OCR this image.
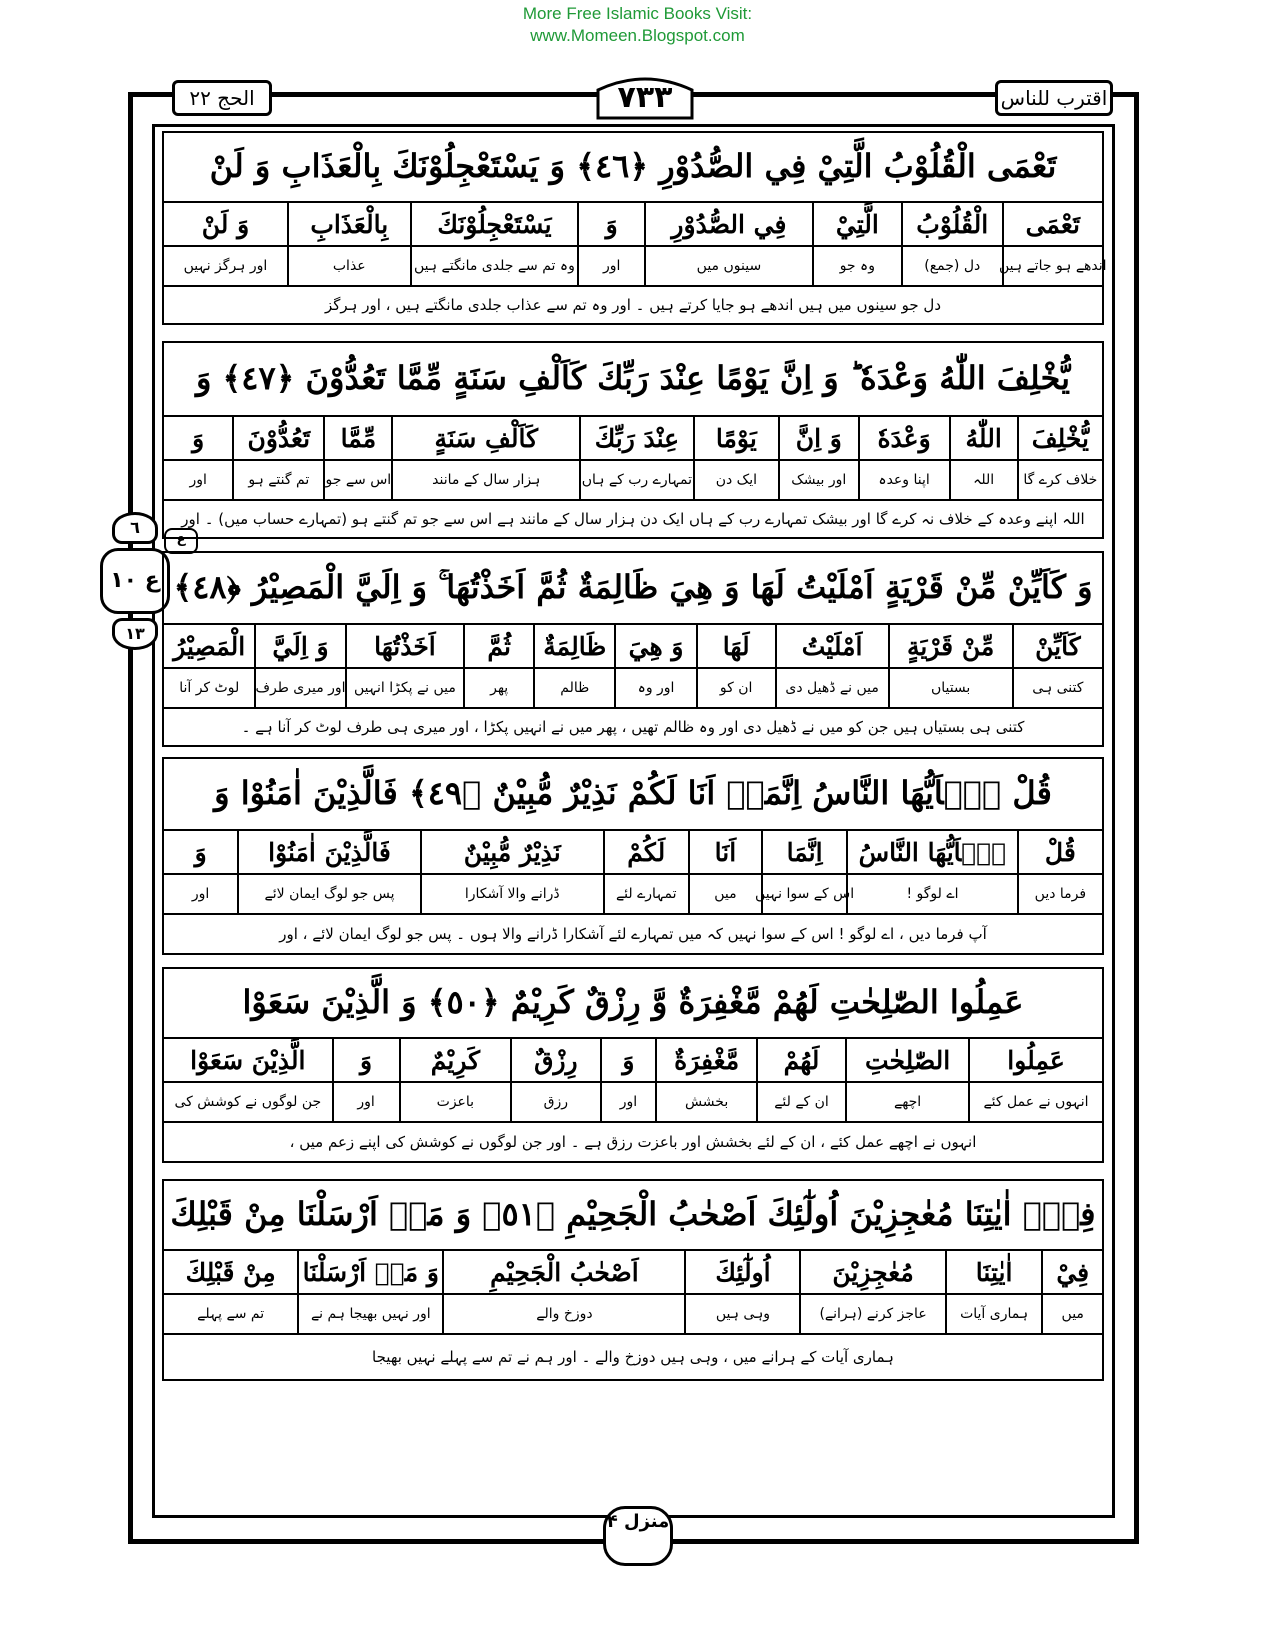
More Free Islamic Books Visit:
www.Momeen.Blogspot.com
الحج ۲۲	اقترب للناس
۷۳۳
٦
ع ۱۰
۱۳
ع
تَعْمَى الْقُلُوْبُ الَّتِيْ فِي الصُّدُوْرِ ﴿٤٦﴾ وَ يَسْتَعْجِلُوْنَكَ بِالْعَذَابِ وَ لَنْ
تَعْمَى
الْقُلُوْبُ
الَّتِيْ
فِي الصُّدُوْرِ
وَ
يَسْتَعْجِلُوْنَكَ
بِالْعَذَابِ
وَ لَنْ
اندھے ہو جاتے ہیں
دل (جمع)
وہ جو
سینوں میں
اور
وہ تم سے جلدی مانگتے ہیں
عذاب
اور ہرگز نہیں
دل جو سینوں میں ہیں اندھے ہو جایا کرتے ہیں ۔ اور وہ تم سے عذاب جلدی مانگتے ہیں ، اور ہرگز
يُّخْلِفَ اللّٰهُ وَعْدَهٗ ؕ وَ اِنَّ يَوْمًا عِنْدَ رَبِّكَ كَاَلْفِ سَنَةٍ مِّمَّا تَعُدُّوْنَ ﴿٤٧﴾ وَ
يُّخْلِفَ
اللّٰهُ
وَعْدَهٗ
وَ اِنَّ
يَوْمًا
عِنْدَ رَبِّكَ
كَاَلْفِ سَنَةٍ
مِّمَّا
تَعُدُّوْنَ
وَ
خلاف کرے گا
اللہ
اپنا وعدہ
اور بیشک
ایک دن
تمہارے رب کے ہاں
ہزار سال کے مانند
اس سے جو
تم گنتے ہو
اور
اللہ اپنے وعدہ کے خلاف نہ کرے گا اور بیشک تمہارے رب کے ہاں ایک دن ہزار سال کے مانند ہے اس سے جو تم گنتے ہو (تمہارے حساب میں) ۔ اور
وَ كَاَيِّنْ مِّنْ قَرْيَةٍ اَمْلَيْتُ لَهَا وَ هِيَ ظَالِمَةٌ ثُمَّ اَخَذْتُهَا ۚ وَ اِلَيَّ الْمَصِيْرُ ﴿٤٨﴾
كَاَيِّنْ
مِّنْ قَرْيَةٍ
اَمْلَيْتُ
لَهَا
وَ هِيَ
ظَالِمَةٌ
ثُمَّ
اَخَذْتُهَا
وَ اِلَيَّ
الْمَصِيْرُ
کتنی ہی
بستیاں
میں نے ڈھیل دی
ان کو
اور وہ
ظالم
پھر
میں نے پکڑا انہیں
اور میری طرف
لوٹ کر آنا
کتنی ہی بستیاں ہیں جن کو میں نے ڈھیل دی اور وہ ظالم تھیں ، پھر میں نے انہیں پکڑا ، اور میری ہی طرف لوٹ کر آنا ہے ۔
قُلْ يٰۤاَيُّهَا النَّاسُ اِنَّمَاۤ اَنَا لَكُمْ نَذِيْرٌ مُّبِيْنٌ ﴿٤٩﴾ فَالَّذِيْنَ اٰمَنُوْا وَ
قُلْ
يٰۤاَيُّهَا النَّاسُ
اِنَّمَا
اَنَا
لَكُمْ
نَذِيْرٌ مُّبِيْنٌ
فَالَّذِيْنَ اٰمَنُوْا
وَ
فرما دیں
اے لوگو !
اس کے سوا نہیں
میں
تمہارے لئے
ڈرانے والا آشکارا
پس جو لوگ ایمان لائے
اور
آپ فرما دیں ، اے لوگو ! اس کے سوا نہیں کہ میں تمہارے لئے آشکارا ڈرانے والا ہوں ۔ پس جو لوگ ایمان لائے ، اور
عَمِلُوا الصّٰلِحٰتِ لَهُمْ مَّغْفِرَةٌ وَّ رِزْقٌ كَرِيْمٌ ﴿٥٠﴾ وَ الَّذِيْنَ سَعَوْا
عَمِلُوا
الصّٰلِحٰتِ
لَهُمْ
مَّغْفِرَةٌ
وَ
رِزْقٌ
كَرِيْمٌ
وَ
الَّذِيْنَ سَعَوْا
انہوں نے عمل کئے
اچھے
ان کے لئے
بخشش
اور
رزق
باعزت
اور
جن لوگوں نے کوشش کی
انہوں نے اچھے عمل کئے ، ان کے لئے بخشش اور باعزت رزق ہے ۔ اور جن لوگوں نے کوشش کی اپنے زعم میں ،
فِيْۤ اٰيٰتِنَا مُعٰجِزِيْنَ اُولٰٓئِكَ اَصْحٰبُ الْجَحِيْمِ ﴿٥١﴾ وَ مَاۤ اَرْسَلْنَا مِنْ قَبْلِكَ
فِيْ
اٰيٰتِنَا
مُعٰجِزِيْنَ
اُولٰٓئِكَ
اَصْحٰبُ الْجَحِيْمِ
وَ مَاۤ اَرْسَلْنَا
مِنْ قَبْلِكَ
میں
ہماری آیات
عاجز کرنے (ہرانے)
وہی ہیں
دوزخ والے
اور نہیں بھیجا ہم نے
تم سے پہلے
ہماری آیات کے ہرانے میں ، وہی ہیں دوزخ والے ۔ اور ہم نے تم سے پہلے نہیں بھیجا
منزل ۴
